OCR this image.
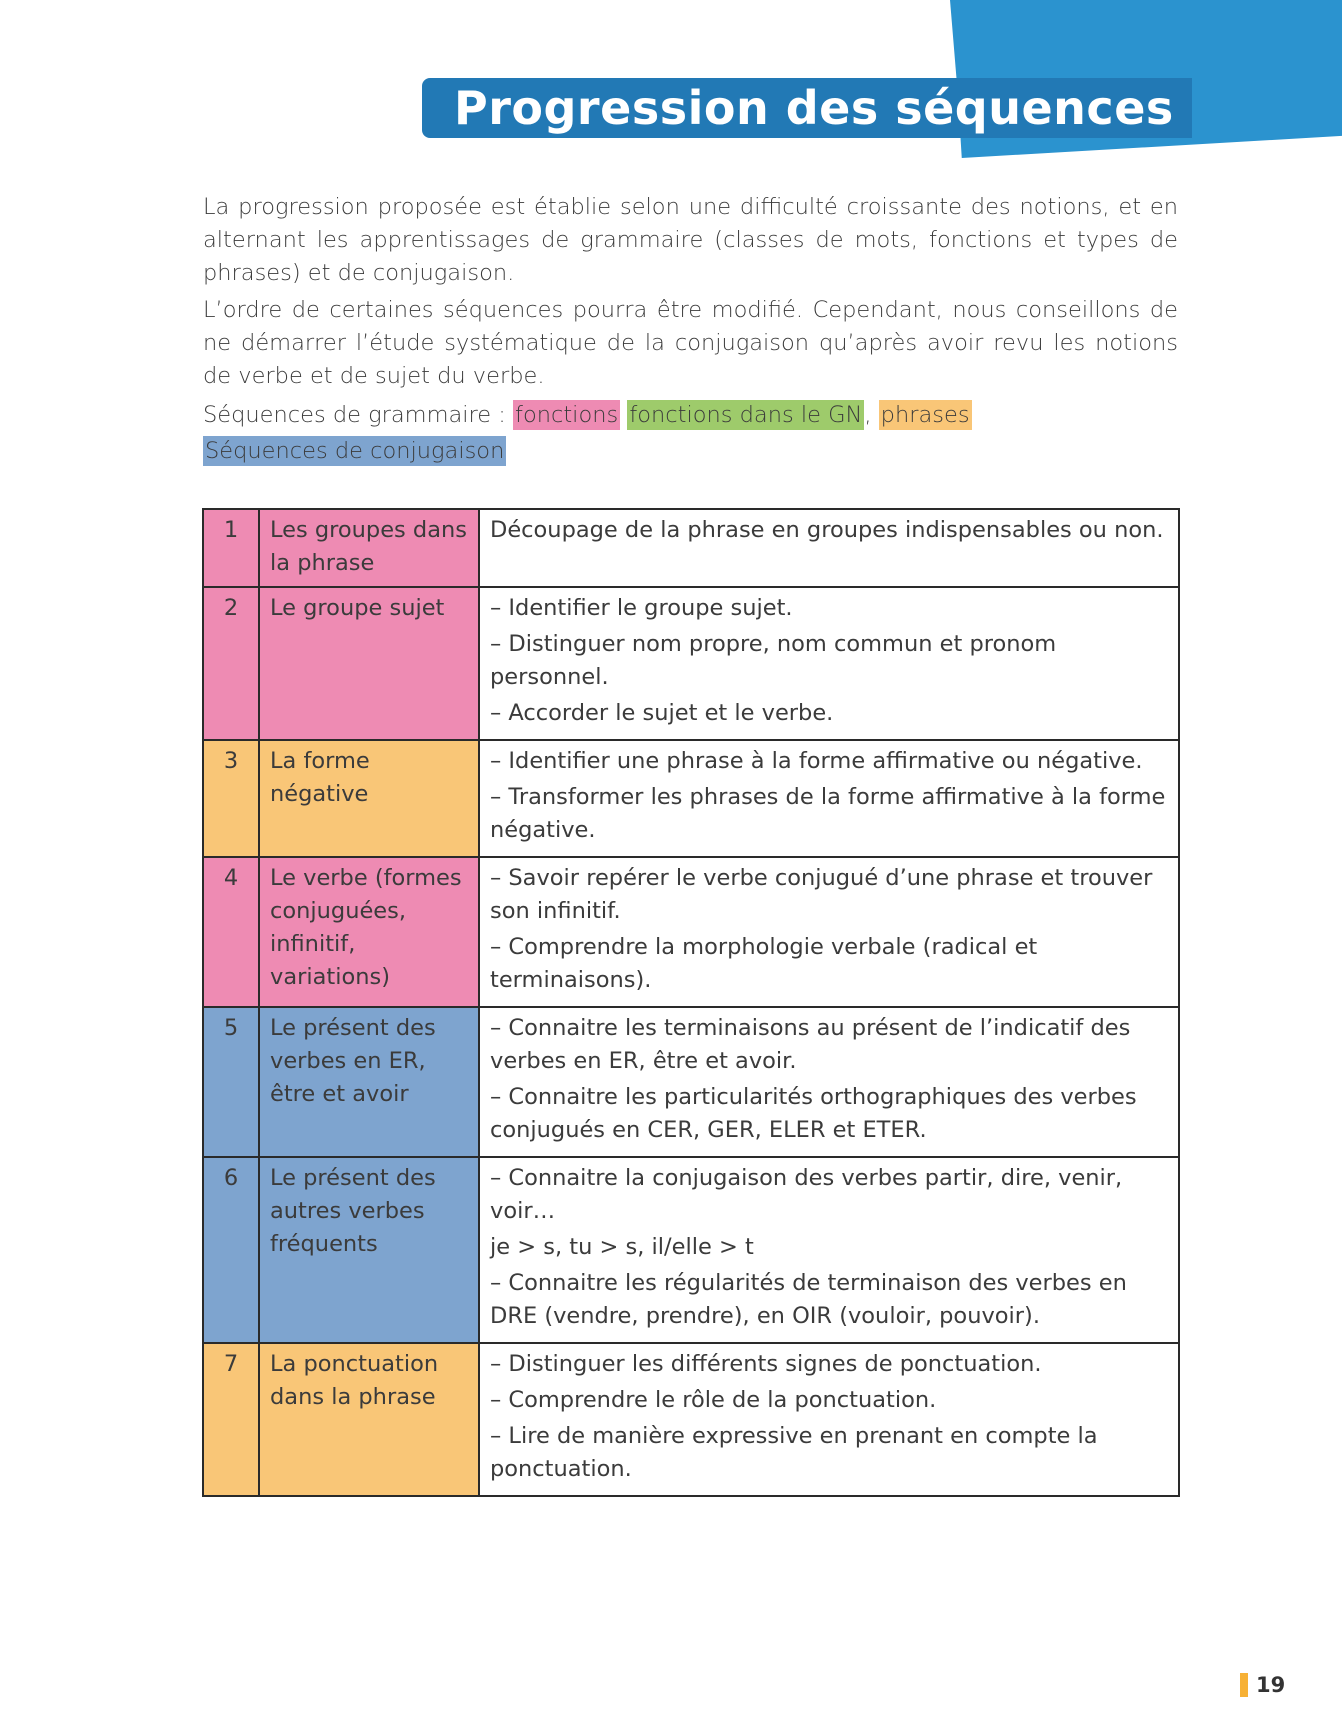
Progression des séquences

La progression proposée est établie selon une difficulté croissante des notions, et en alternant les apprentissages de grammaire (classes de mots, fonctions et types de phrases) et de conjugaison.

L’ordre de certaines séquences pourra être modifié. Cependant, nous conseillons de ne démarrer l’étude systématique de la conjugaison qu’après avoir revu les notions de verbe et de sujet du verbe.

Séquences de grammaire : fonctions fonctions dans le GN, phrases
Séquences de conjugaison
1	Les groupes dans la phrase	Découpage de la phrase en groupes indispensables ou non.

2	Le groupe sujet	– Identifier le groupe sujet.

– Distinguer nom propre, nom commun et pronom personnel.

– Accorder le sujet et le verbe.

3	La forme négative	– Identifier une phrase à la forme affirmative ou négative.

– Transformer les phrases de la forme affirmative à la forme négative.

4	Le verbe (formes conjuguées, infinitif, variations)	– Savoir repérer le verbe conjugué d’une phrase et trouver son infinitif.

– Comprendre la morphologie verbale (radical et terminaisons).

5	Le présent des verbes en ER, être et avoir	– Connaitre les terminaisons au présent de l’indicatif des verbes en ER, être et avoir.

– Connaitre les particularités orthographiques des verbes conjugués en CER, GER, ELER et ETER.

6	Le présent des autres verbes fréquents	– Connaitre la conjugaison des verbes partir, dire, venir, voir…

je > s, tu > s, il/elle > t

– Connaitre les régularités de terminaison des verbes en DRE (vendre, prendre), en OIR (vouloir, pouvoir).

7	La ponctuation dans la phrase	– Distinguer les différents signes de ponctuation.

– Comprendre le rôle de la ponctuation.

– Lire de manière expressive en prenant en compte la ponctuation.

19
